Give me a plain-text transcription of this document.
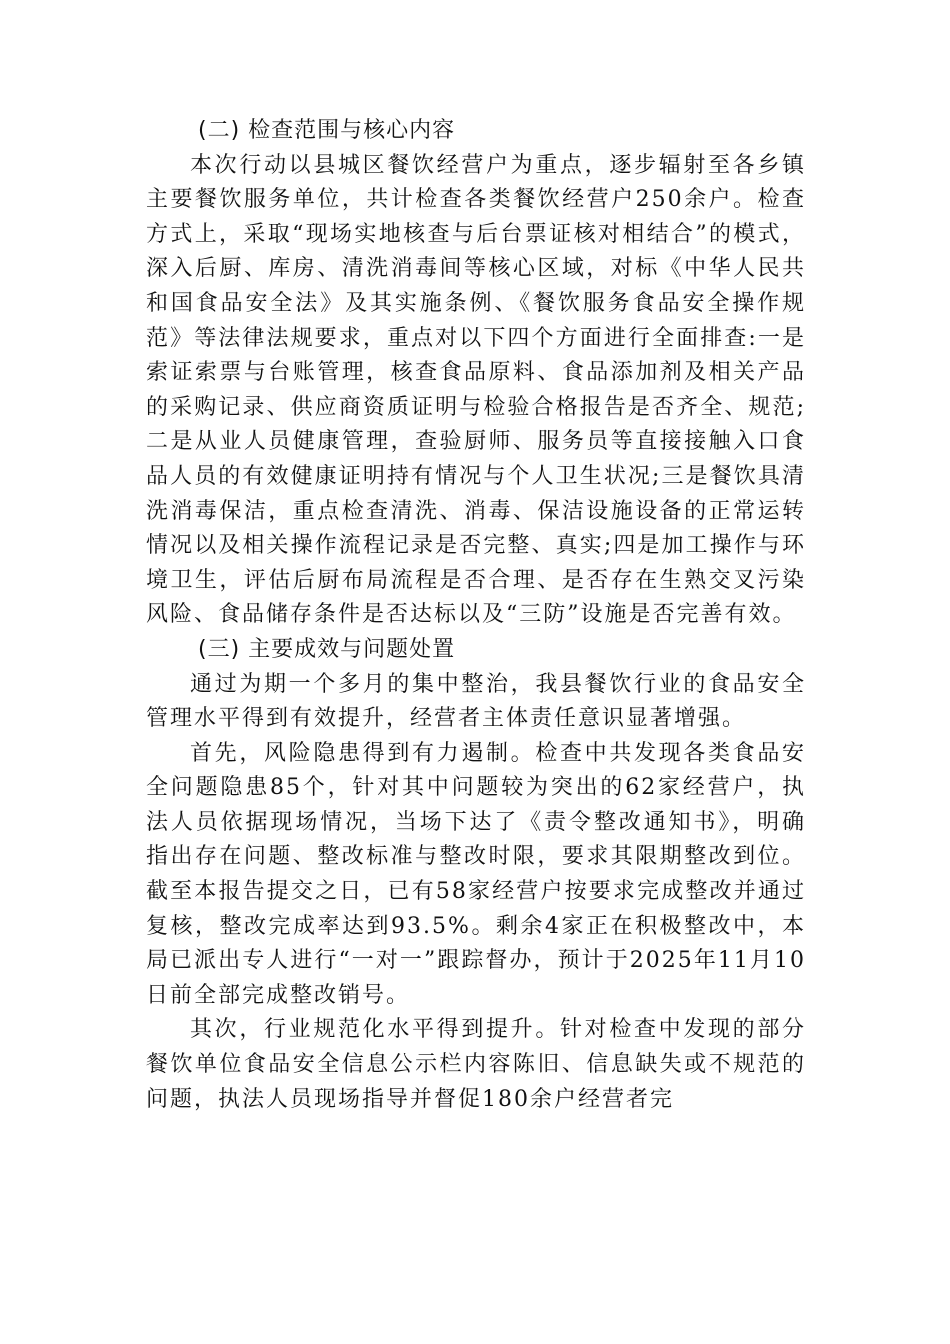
(二) 检查范围与核心内容

本次行动以县城区餐饮经营户为重点，逐步辐射至各乡镇主要餐饮服务单位，共计检查各类餐饮经营户250余户。检查方式上，采取“现场实地核查与后台票证核对相结合”的模式，深入后厨、库房、清洗消毒间等核心区域，对标《中华人民共和国食品安全法》及其实施条例、《餐饮服务食品安全操作规范》等法律法规要求，重点对以下四个方面进行全面排查:一是索证索票与台账管理，核查食品原料、食品添加剂及相关产品的采购记录、供应商资质证明与检验合格报告是否齐全、规范;二是从业人员健康管理，查验厨师、服务员等直接接触入口食品人员的有效健康证明持有情况与个人卫生状况;三是餐饮具清洗消毒保洁，重点检查清洗、消毒、保洁设施设备的正常运转情况以及相关操作流程记录是否完整、真实;四是加工操作与环境卫生，评估后厨布局流程是否合理、是否存在生熟交叉污染风险、食品储存条件是否达标以及“三防”设施是否完善有效。

(三) 主要成效与问题处置

通过为期一个多月的集中整治，我县餐饮行业的食品安全管理水平得到有效提升，经营者主体责任意识显著增强。

首先，风险隐患得到有力遏制。检查中共发现各类食品安全问题隐患85个，针对其中问题较为突出的62家经营户，执法人员依据现场情况，当场下达了《责令整改通知书》，明确指出存在问题、整改标准与整改时限，要求其限期整改到位。截至本报告提交之日，已有58家经营户按要求完成整改并通过复核，整改完成率达到93.5%。剩余4家正在积极整改中，本局已派出专人进行“一对一”跟踪督办，预计于2025年11月10日前全部完成整改销号。

其次，行业规范化水平得到提升。针对检查中发现的部分餐饮单位食品安全信息公示栏内容陈旧、信息缺失或不规范的问题，执法人员现场指导并督促180余户经营者完
